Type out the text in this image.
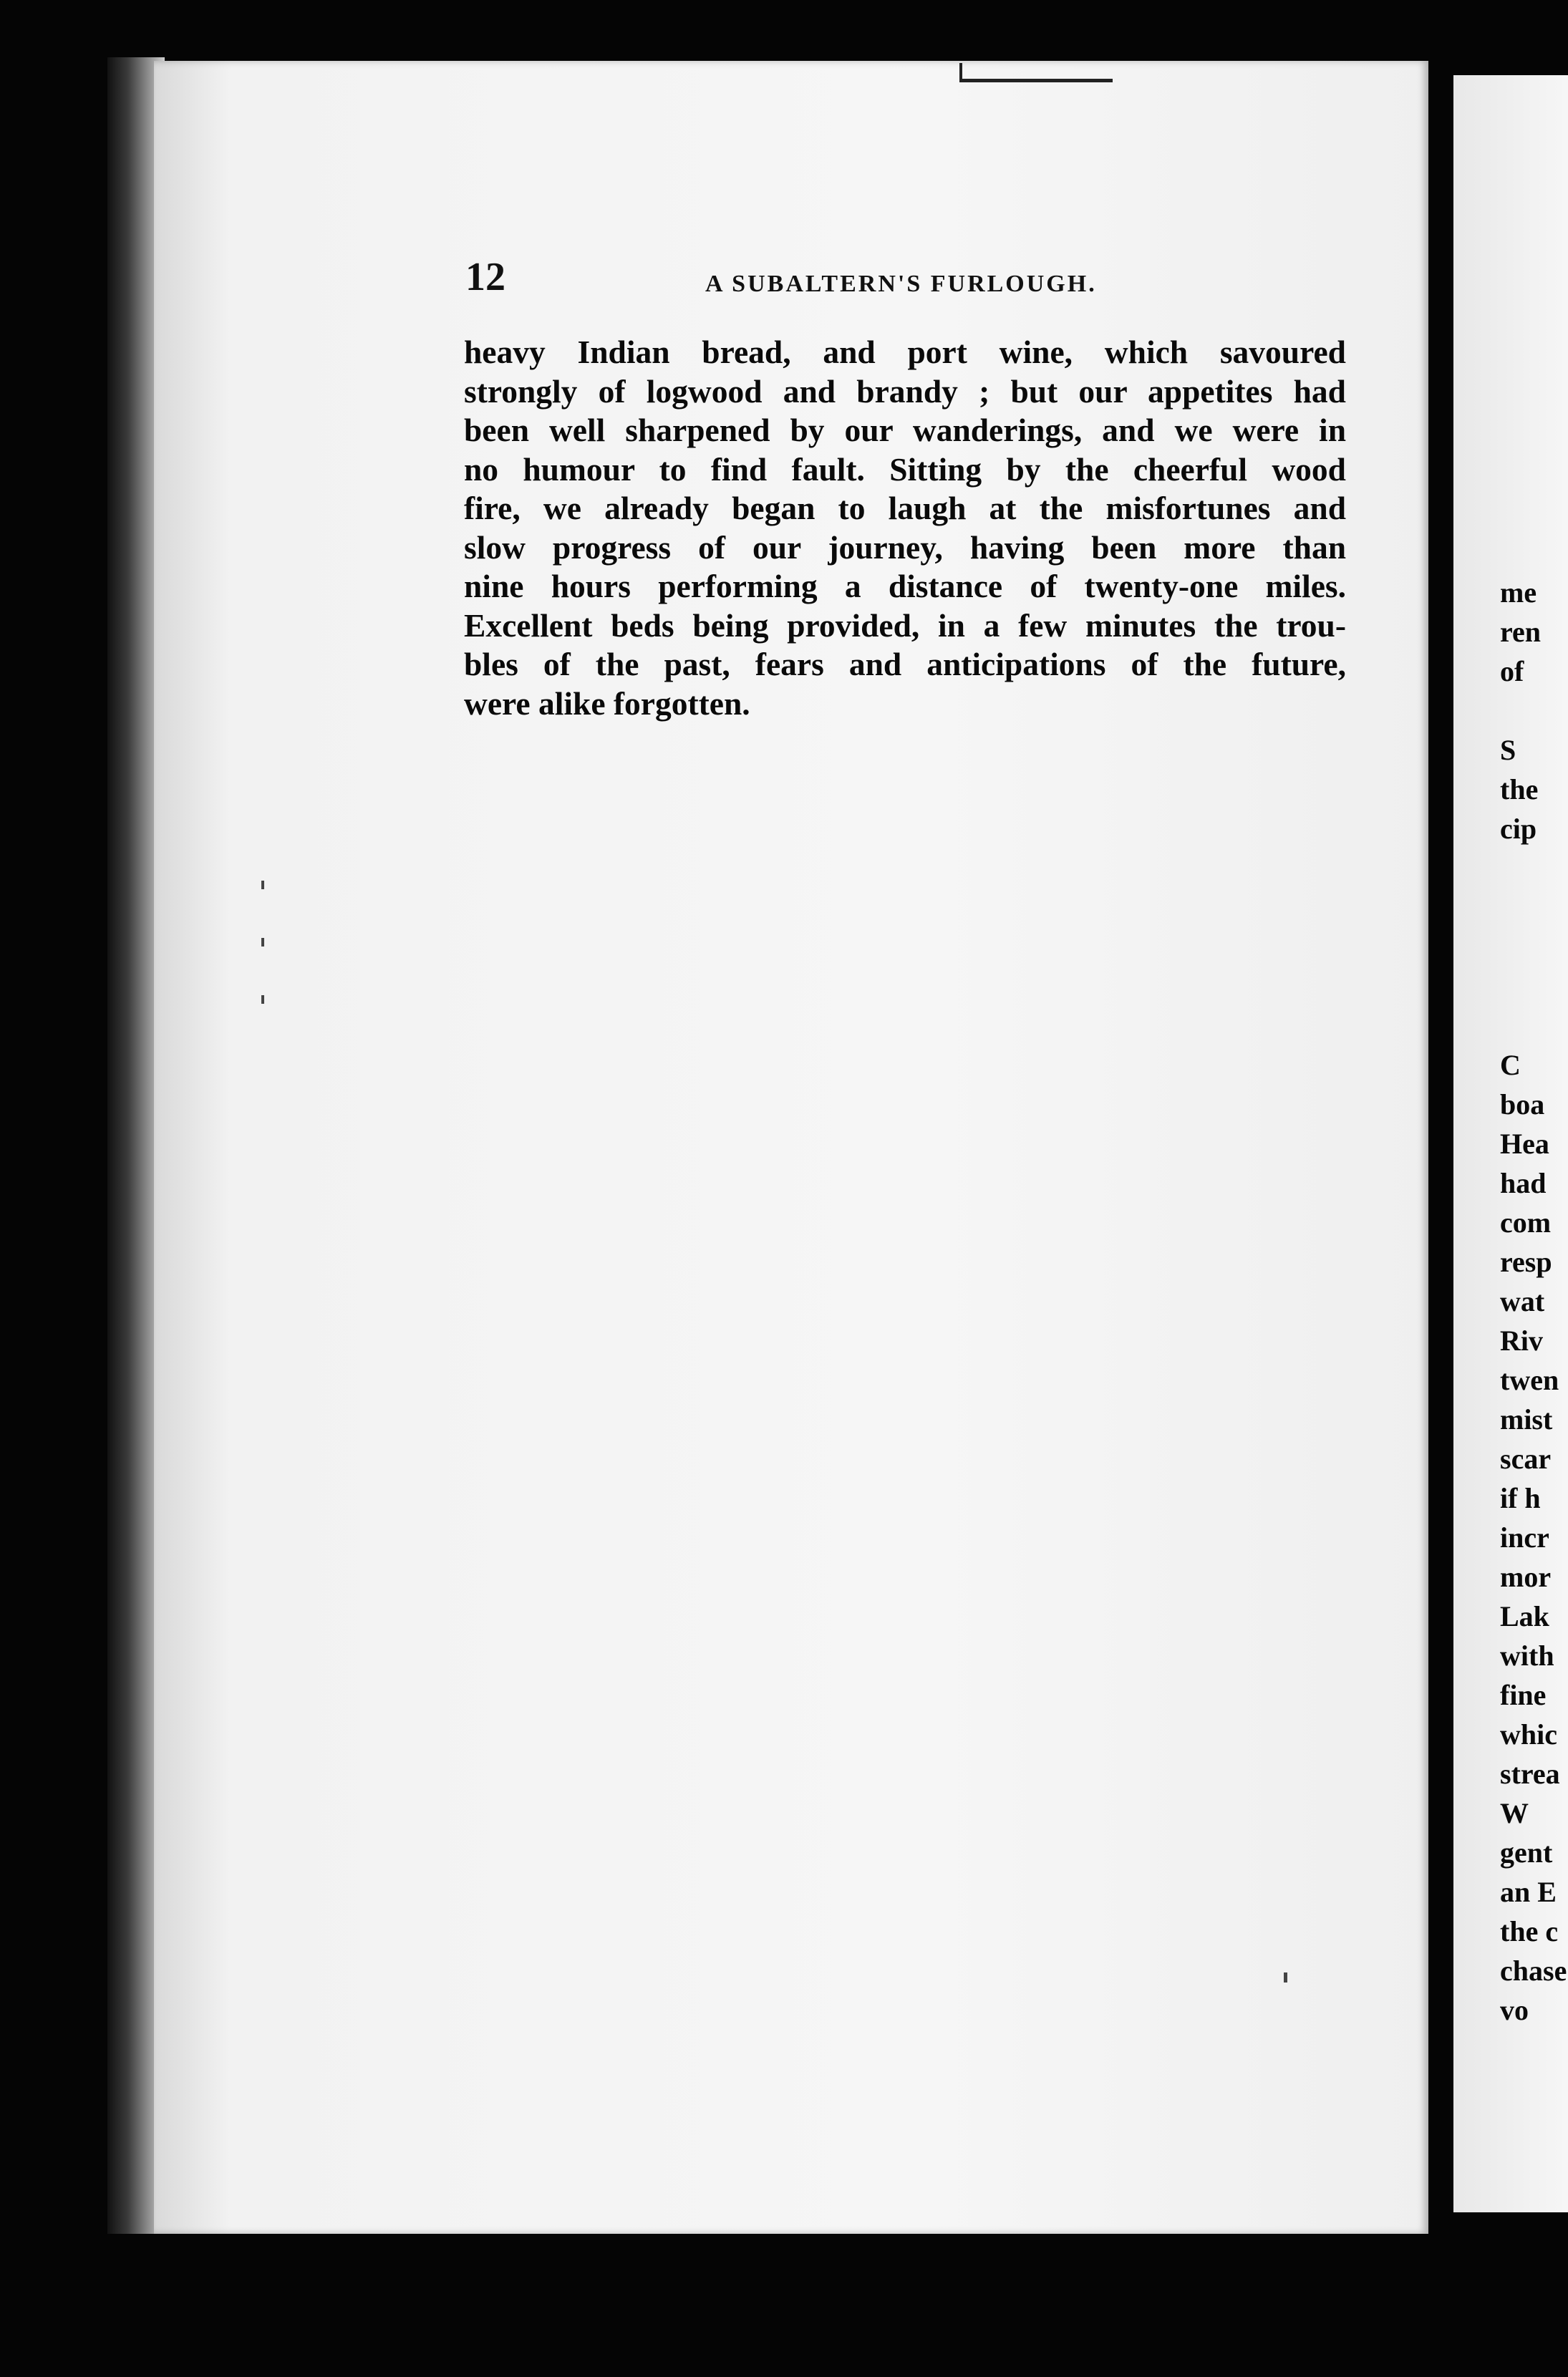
12	A SUBALTERN'S FURLOUGH.
heavy Indian bread, and port wine, which savoured
strongly of logwood and brandy ; but our appetites had
been well sharpened by our wanderings, and we were in
no humour to find fault. Sitting by the cheerful wood
fire, we already began to laugh at the misfortunes and
slow progress of our journey, having been more than
nine hours performing a distance of twenty-one miles.
Excellent beds being provided, in a few minutes the trou-
bles of the past, fears and anticipations of the future,
were alike forgotten.
me
ren
of

S
the
cip

C
boa
Hea
had
com
resp
wat
Riv
twen
mist
scar
if h
incr
mor
Lak
with
fine
whic
strea
W
gent
an E
the c
chase
vo
